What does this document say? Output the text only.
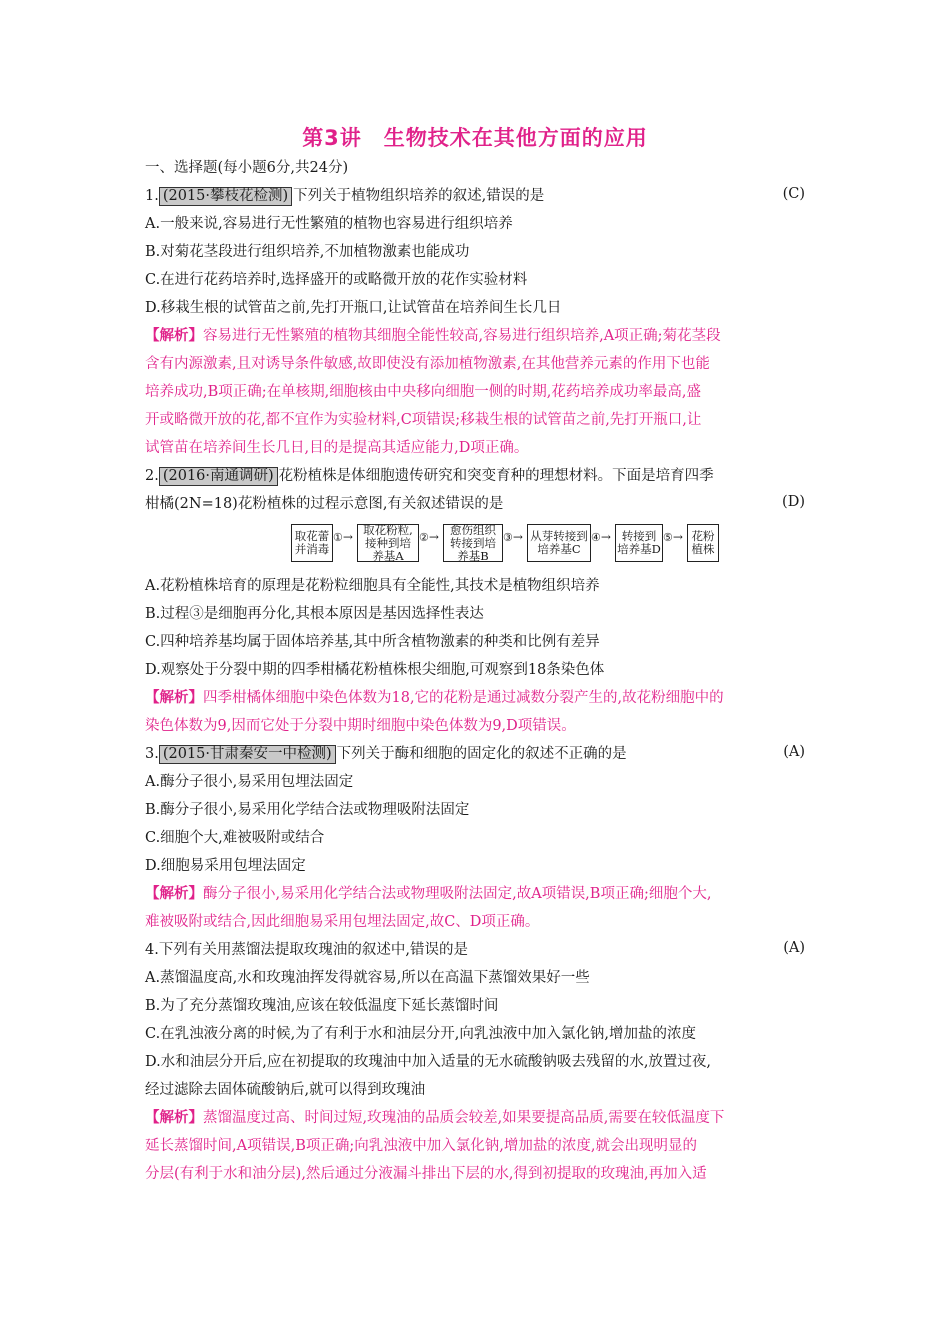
第3讲　生物技术在其他方面的应用
一、选择题(每小题6分,共24分)
1. (2015·攀枝花检测) 下列关于植物组织培养的叙述,错误的是	(C)
A.一般来说,容易进行无性繁殖的植物也容易进行组织培养
B.对菊花茎段进行组织培养,不加植物激素也能成功
C.在进行花药培养时,选择盛开的或略微开放的花作实验材料
D.移栽生根的试管苗之前,先打开瓶口,让试管苗在培养间生长几日
【解析】容易进行无性繁殖的植物其细胞全能性较高,容易进行组织培养,A项正确;菊花茎段
含有内源激素,且对诱导条件敏感,故即使没有添加植物激素,在其他营养元素的作用下也能
培养成功,B项正确;在单核期,细胞核由中央移向细胞一侧的时期,花药培养成功率最高,盛
开或略微开放的花,都不宜作为实验材料,C项错误;移栽生根的试管苗之前,先打开瓶口,让
试管苗在培养间生长几日,目的是提高其适应能力,D项正确。
2. (2016·南通调研) 花粉植株是体细胞遗传研究和突变育种的理想材料。下面是培育四季
柑橘(2N=18)花粉植株的过程示意图,有关叙述错误的是	(D)
取花蕾
并消毒
①→
取花粉粒,
接种到培
养基A
②→
愈伤组织
转接到培
养基B
③→ 从芽转接到
培养基C
④→ 转接到
培养基D
⑤→ 花粉
植株
A.花粉植株培育的原理是花粉粒细胞具有全能性,其技术是植物组织培养
B.过程③是细胞再分化,其根本原因是基因选择性表达
C.四种培养基均属于固体培养基,其中所含植物激素的种类和比例有差异
D.观察处于分裂中期的四季柑橘花粉植株根尖细胞,可观察到18条染色体
【解析】四季柑橘体细胞中染色体数为18,它的花粉是通过减数分裂产生的,故花粉细胞中的
染色体数为9,因而它处于分裂中期时细胞中染色体数为9,D项错误。
3. (2015·甘肃秦安一中检测) 下列关于酶和细胞的固定化的叙述不正确的是	(A)
A.酶分子很小,易采用包埋法固定
B.酶分子很小,易采用化学结合法或物理吸附法固定
C.细胞个大,难被吸附或结合
D.细胞易采用包埋法固定
【解析】酶分子很小,易采用化学结合法或物理吸附法固定,故A项错误,B项正确;细胞个大,
难被吸附或结合,因此细胞易采用包埋法固定,故C、D项正确。
4.下列有关用蒸馏法提取玫瑰油的叙述中,错误的是	(A)
A.蒸馏温度高,水和玫瑰油挥发得就容易,所以在高温下蒸馏效果好一些
B.为了充分蒸馏玫瑰油,应该在较低温度下延长蒸馏时间
C.在乳浊液分离的时候,为了有利于水和油层分开,向乳浊液中加入氯化钠,增加盐的浓度
D.水和油层分开后,应在初提取的玫瑰油中加入适量的无水硫酸钠吸去残留的水,放置过夜,
经过滤除去固体硫酸钠后,就可以得到玫瑰油
【解析】蒸馏温度过高、时间过短,玫瑰油的品质会较差,如果要提高品质,需要在较低温度下
延长蒸馏时间,A项错误,B项正确;向乳浊液中加入氯化钠,增加盐的浓度,就会出现明显的
分层(有利于水和油分层),然后通过分液漏斗排出下层的水,得到初提取的玫瑰油,再加入适
